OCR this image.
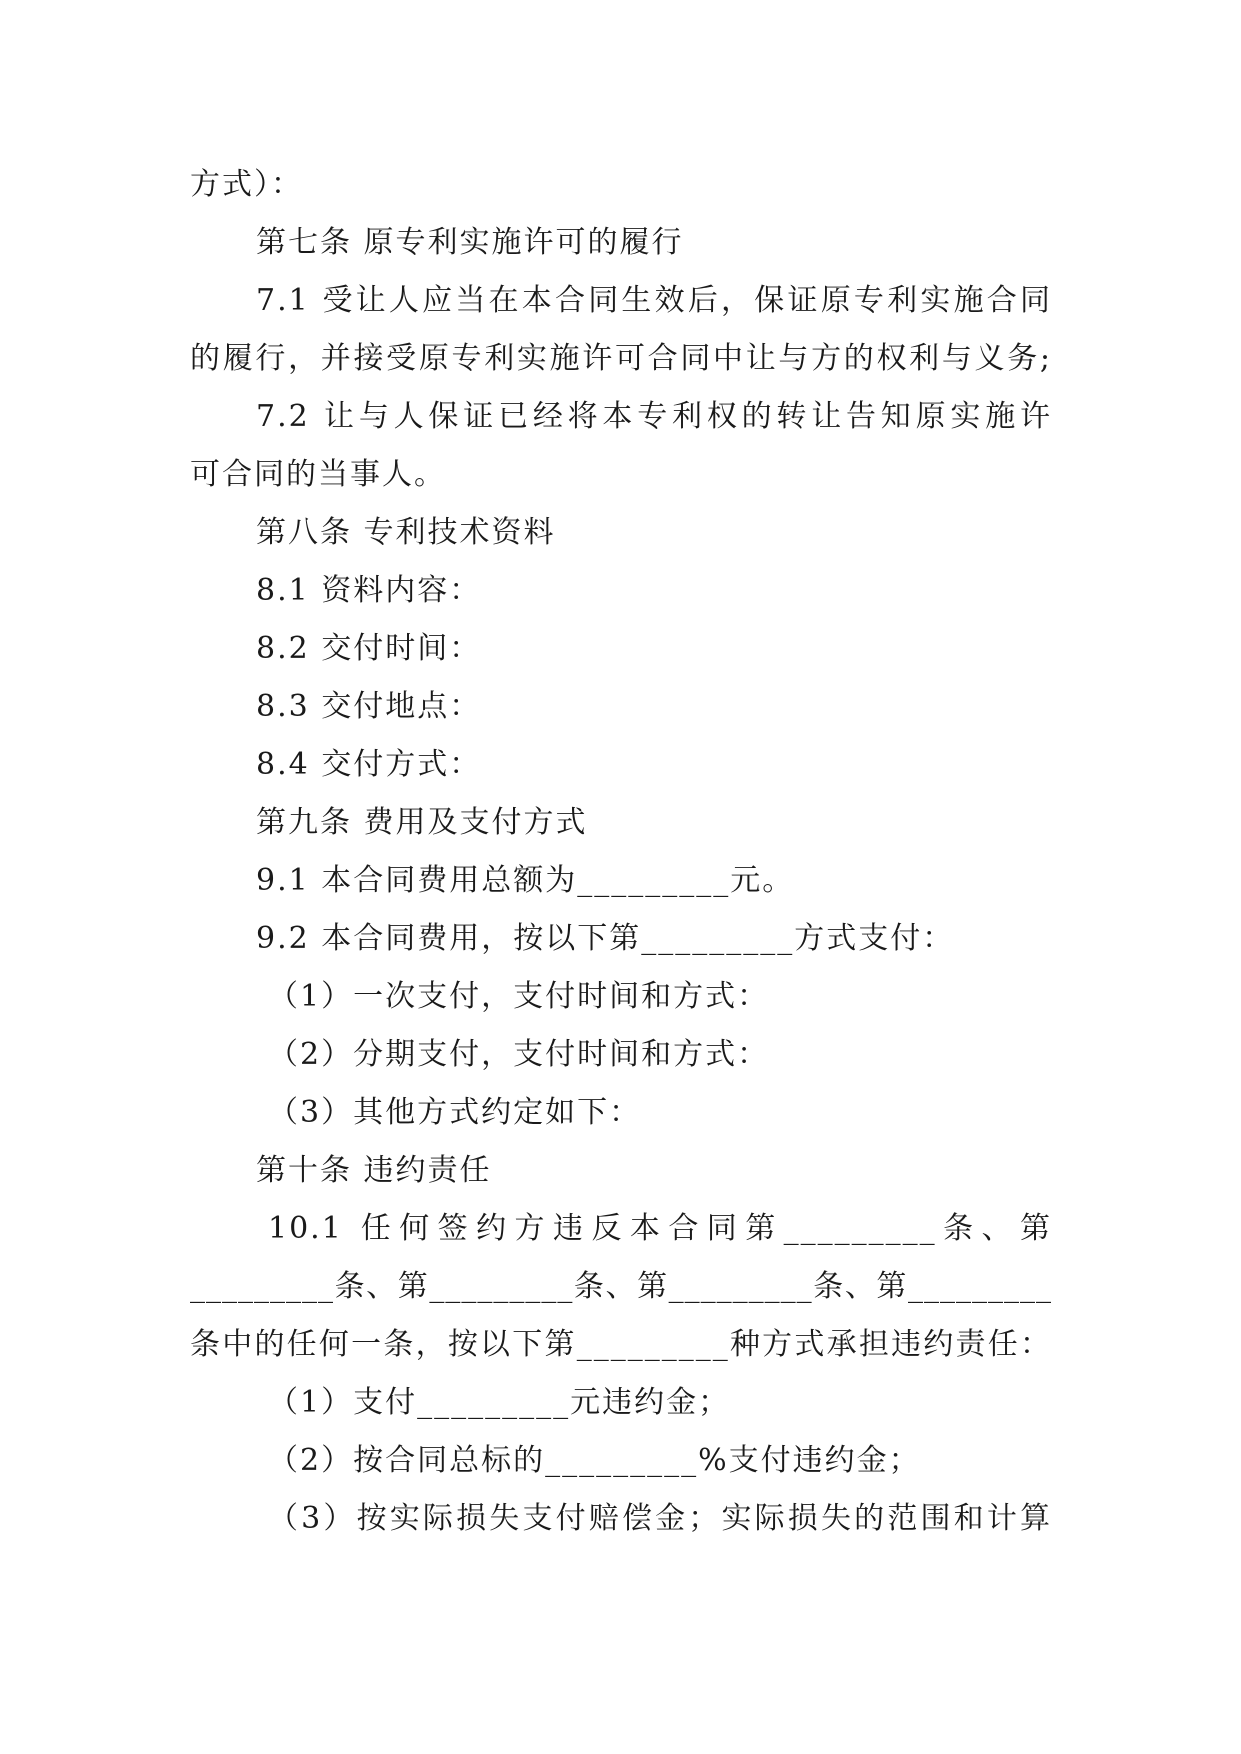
方式）：
第七条 原专利实施许可的履行
7.1 受让人应当在本合同生效后，保证原专利实施合同
的履行，并接受原专利实施许可合同中让与方的权利与义务;
7.2 让与人保证已经将本专利权的转让告知原实施许
可合同的当事人。
第八条 专利技术资料
8.1 资料内容：
8.2 交付时间：
8.3 交付地点：
8.4 交付方式：
第九条 费用及支付方式
9.1 本合同费用总额为_________元。
9.2 本合同费用，按以下第_________方式支付：
（1）一次支付，支付时间和方式：
（2）分期支付，支付时间和方式：
（3）其他方式约定如下：
第十条 违约责任
10.1 任何签约方违反本合同第_________条、第
_________条、第_________条、第_________条、第_________
条中的任何一条，按以下第_________种方式承担违约责任：
（1）支付_________元违约金；
（2）按合同总标的_________%支付违约金；
（3）按实际损失支付赔偿金；实际损失的范围和计算
